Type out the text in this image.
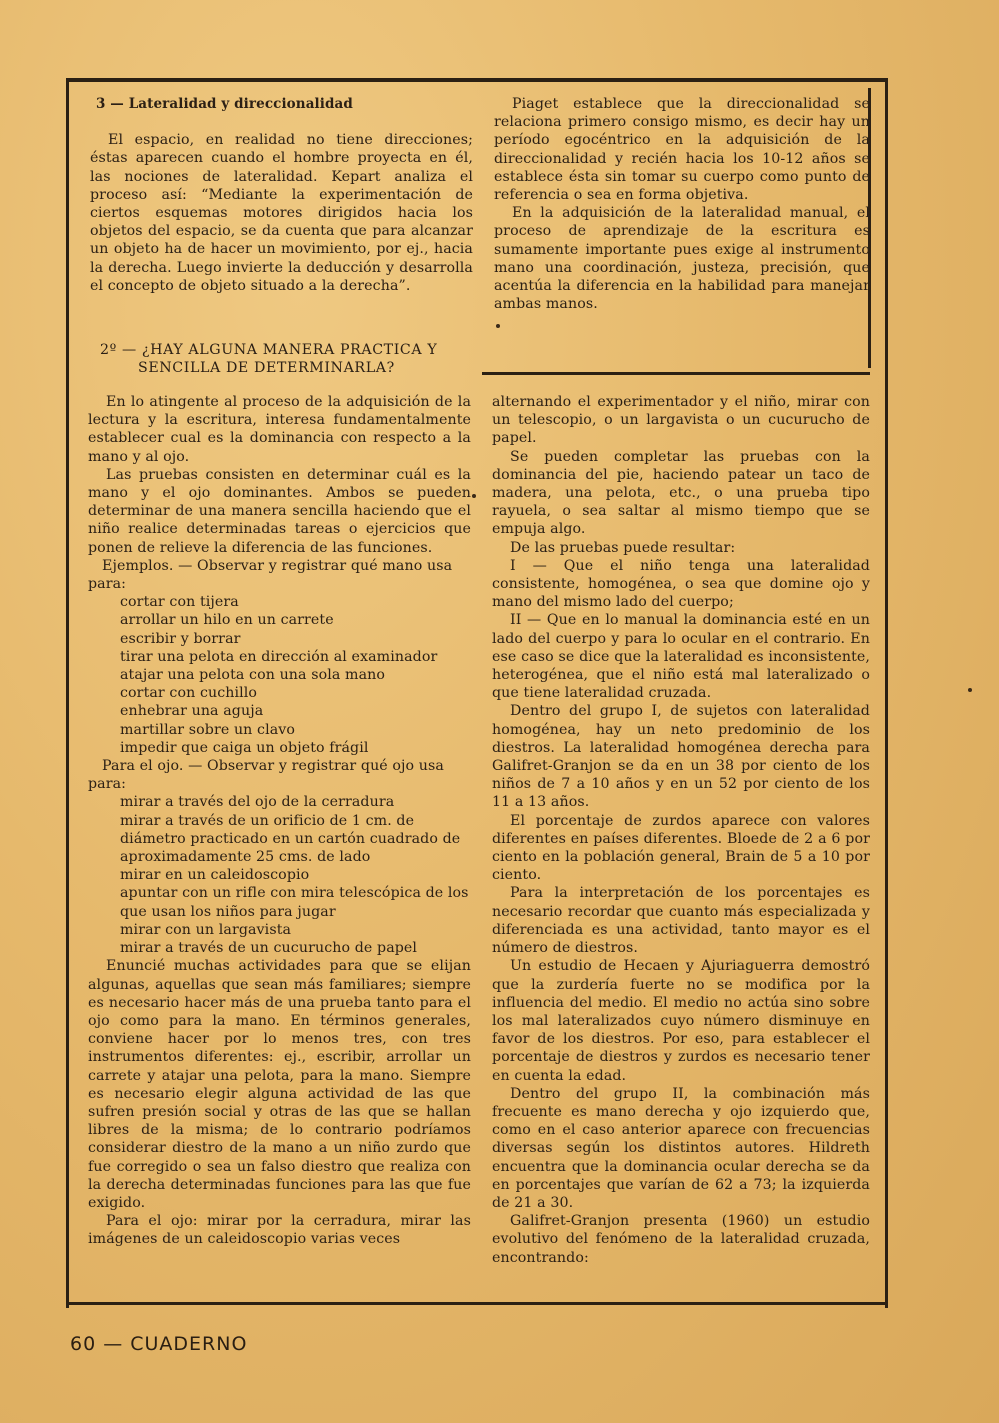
3 — Lateralidad y direccionalidad

El espacio, en realidad no tiene direcciones; éstas aparecen cuando el hombre proyecta en él, las nociones de lateralidad. Kepart analiza el proceso así: “Mediante la experimentación de ciertos esquemas motores dirigidos hacia los objetos del espacio, se da cuenta que para alcanzar un objeto ha de hacer un movimiento, por ej., hacia la derecha. Luego invierte la deducción y desarrolla el concepto de objeto situado a la derecha”.

Piaget establece que la direccionalidad se relaciona primero consigo mismo, es decir hay un período egocéntrico en la adquisición de la direccionalidad y recién hacia los 10-12 años se establece ésta sin tomar su cuerpo como punto de referencia o sea en forma objetiva.

En la adquisición de la lateralidad manual, el proceso de aprendizaje de la escritura es sumamente importante pues exige al instrumento mano una coordinación, justeza, precisión, que acentúa la diferencia en la habilidad para manejar ambas manos.

2º — ¿HAY ALGUNA MANERA PRACTICA Y
SENCILLA DE DETERMINARLA?

En lo atingente al proceso de la adquisición de la lectura y la escritura, interesa fundamentalmente establecer cual es la dominancia con respecto a la mano y al ojo.

Las pruebas consisten en determinar cuál es la mano y el ojo dominantes. Ambos se pueden determinar de una manera sencilla haciendo que el niño realice determinadas tareas o ejercicios que ponen de relieve la diferencia de las funciones.

Ejemplos. — Observar y registrar qué mano usa para:

cortar con tijera

arrollar un hilo en un carrete

escribir y borrar

tirar una pelota en dirección al examinador

atajar una pelota con una sola mano

cortar con cuchillo

enhebrar una aguja

martillar sobre un clavo

impedir que caiga un objeto frágil

Para el ojo. — Observar y registrar qué ojo usa para:

mirar a través del ojo de la cerradura

mirar a través de un orificio de 1 cm. de diámetro practicado en un cartón cuadrado de aproximadamente 25 cms. de lado

mirar en un caleidoscopio

apuntar con un rifle con mira telescópica de los que usan los niños para jugar

mirar con un largavista

mirar a través de un cucurucho de papel

Enuncié muchas actividades para que se elijan algunas, aquellas que sean más familiares; siempre es necesario hacer más de una prueba tanto para el ojo como para la mano. En términos generales, conviene hacer por lo menos tres, con tres instrumentos diferentes: ej., escribir, arrollar un carrete y atajar una pelota, para la mano. Siempre es necesario elegir alguna actividad de las que sufren presión social y otras de las que se hallan libres de la misma; de lo contrario podríamos considerar diestro de la mano a un niño zurdo que fue corregido o sea un falso diestro que realiza con la derecha determinadas funciones para las que fue exigido.

Para el ojo: mirar por la cerradura, mirar las imágenes de un caleidoscopio varias veces

alternando el experimentador y el niño, mirar con un telescopio, o un largavista o un cucurucho de papel.

Se pueden completar las pruebas con la dominancia del pie, haciendo patear un taco de madera, una pelota, etc., o una prueba tipo rayuela, o sea saltar al mismo tiempo que se empuja algo.

De las pruebas puede resultar:

I — Que el niño tenga una lateralidad consistente, homogénea, o sea que domine ojo y mano del mismo lado del cuerpo;

II — Que en lo manual la dominancia esté en un lado del cuerpo y para lo ocular en el contrario. En ese caso se dice que la lateralidad es inconsistente, heterogénea, que el niño está mal lateralizado o que tiene lateralidad cruzada.

Dentro del grupo I, de sujetos con lateralidad homogénea, hay un neto predominio de los diestros. La lateralidad homogénea derecha para Galifret-Granjon se da en un 38 por ciento de los niños de 7 a 10 años y en un 52 por ciento de los 11 a 13 años.

El porcentaje de zurdos aparece con valores diferentes en países diferentes. Bloede de 2 a 6 por ciento en la población general, Brain de 5 a 10 por ciento.

Para la interpretación de los porcentajes es necesario recordar que cuanto más especializada y diferenciada es una actividad, tanto mayor es el número de diestros.

Un estudio de Hecaen y Ajuriaguerra demostró que la zurdería fuerte no se modifica por la influencia del medio. El medio no actúa sino sobre los mal lateralizados cuyo número disminuye en favor de los diestros. Por eso, para establecer el porcentaje de diestros y zurdos es necesario tener en cuenta la edad.

Dentro del grupo II, la combinación más frecuente es mano derecha y ojo izquierdo que, como en el caso anterior aparece con frecuencias diversas según los distintos autores. Hildreth encuentra que la dominancia ocular derecha se da en porcentajes que varían de 62 a 73; la izquierda de 21 a 30.

Galifret-Granjon presenta (1960) un estudio evolutivo del fenómeno de la lateralidad cruzada, encontrando:

60 — CUADERNO
